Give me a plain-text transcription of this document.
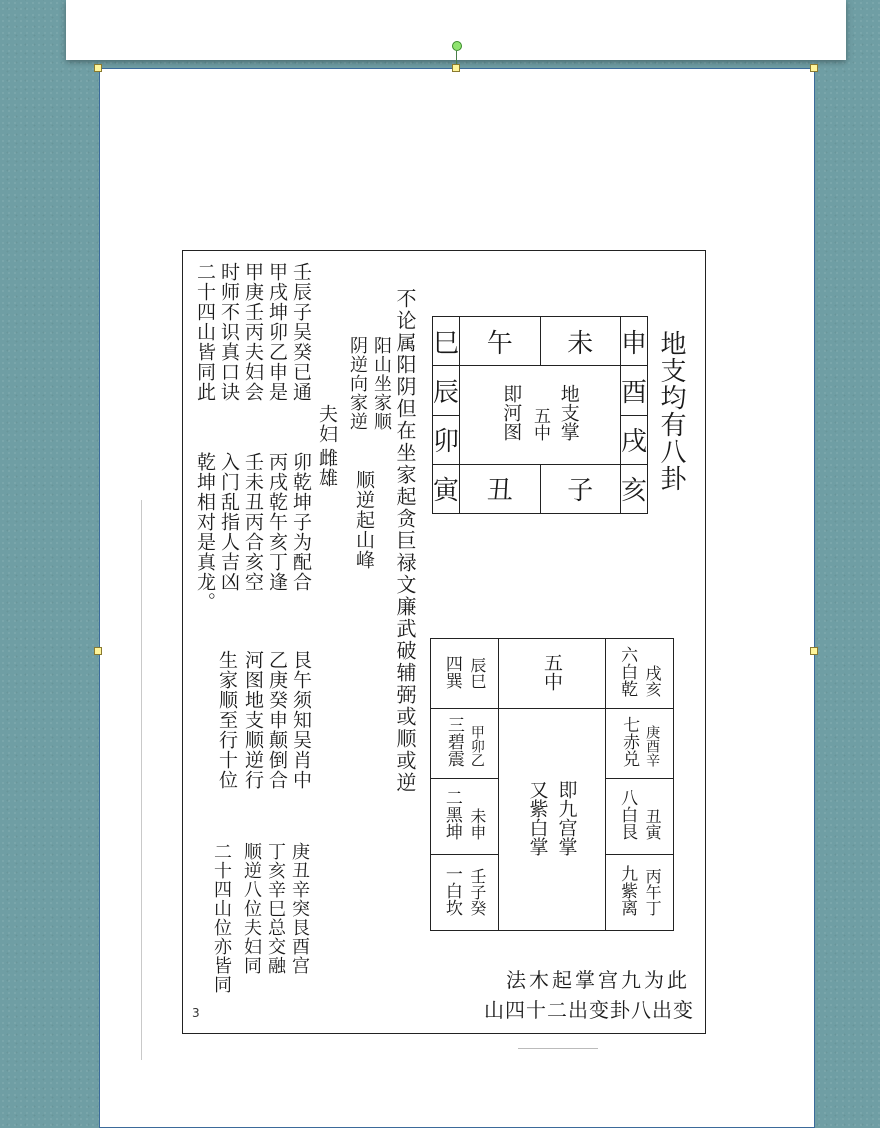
地支均有八卦
巳	午	未	申
辰	即河图 五中 地支掌		酉
卯			戌
寅	丑	子	亥
不论属阳阴但在坐家起贪巨禄文廉武破辅弼或顺或逆
阳山坐家顺
阴逆向家逆
顺逆起山峰
夫妇
雌雄
二十四山皆同此 时师不识真口诀 甲庚壬丙夫妇会 壬辰子吴癸已通
甲戌坤卯乙申是
乾坤相对是真龙。 入门乱指人吉凶 壬未丑丙合亥空 丙戌乾午亥丁逢 卯乾坤子为配合
四巽 辰巳	五中	六白乾 戌亥
三碧震 甲卯乙	又紫白掌 即九宫掌	七赤兑 庚酉辛
二黑坤 未申		八白艮 丑寅
一白坎 壬子癸		九紫离 丙午丁
生家顺至行十位 河图地支顺逆行 乙庚癸申颠倒合 艮午须知吴肖中
二十四山位亦皆同 顺逆八位夫妇同 丁亥辛巳总交融 庚丑辛突艮酉宫
此为九宫掌起木法
变出八卦变出二十四山
3
